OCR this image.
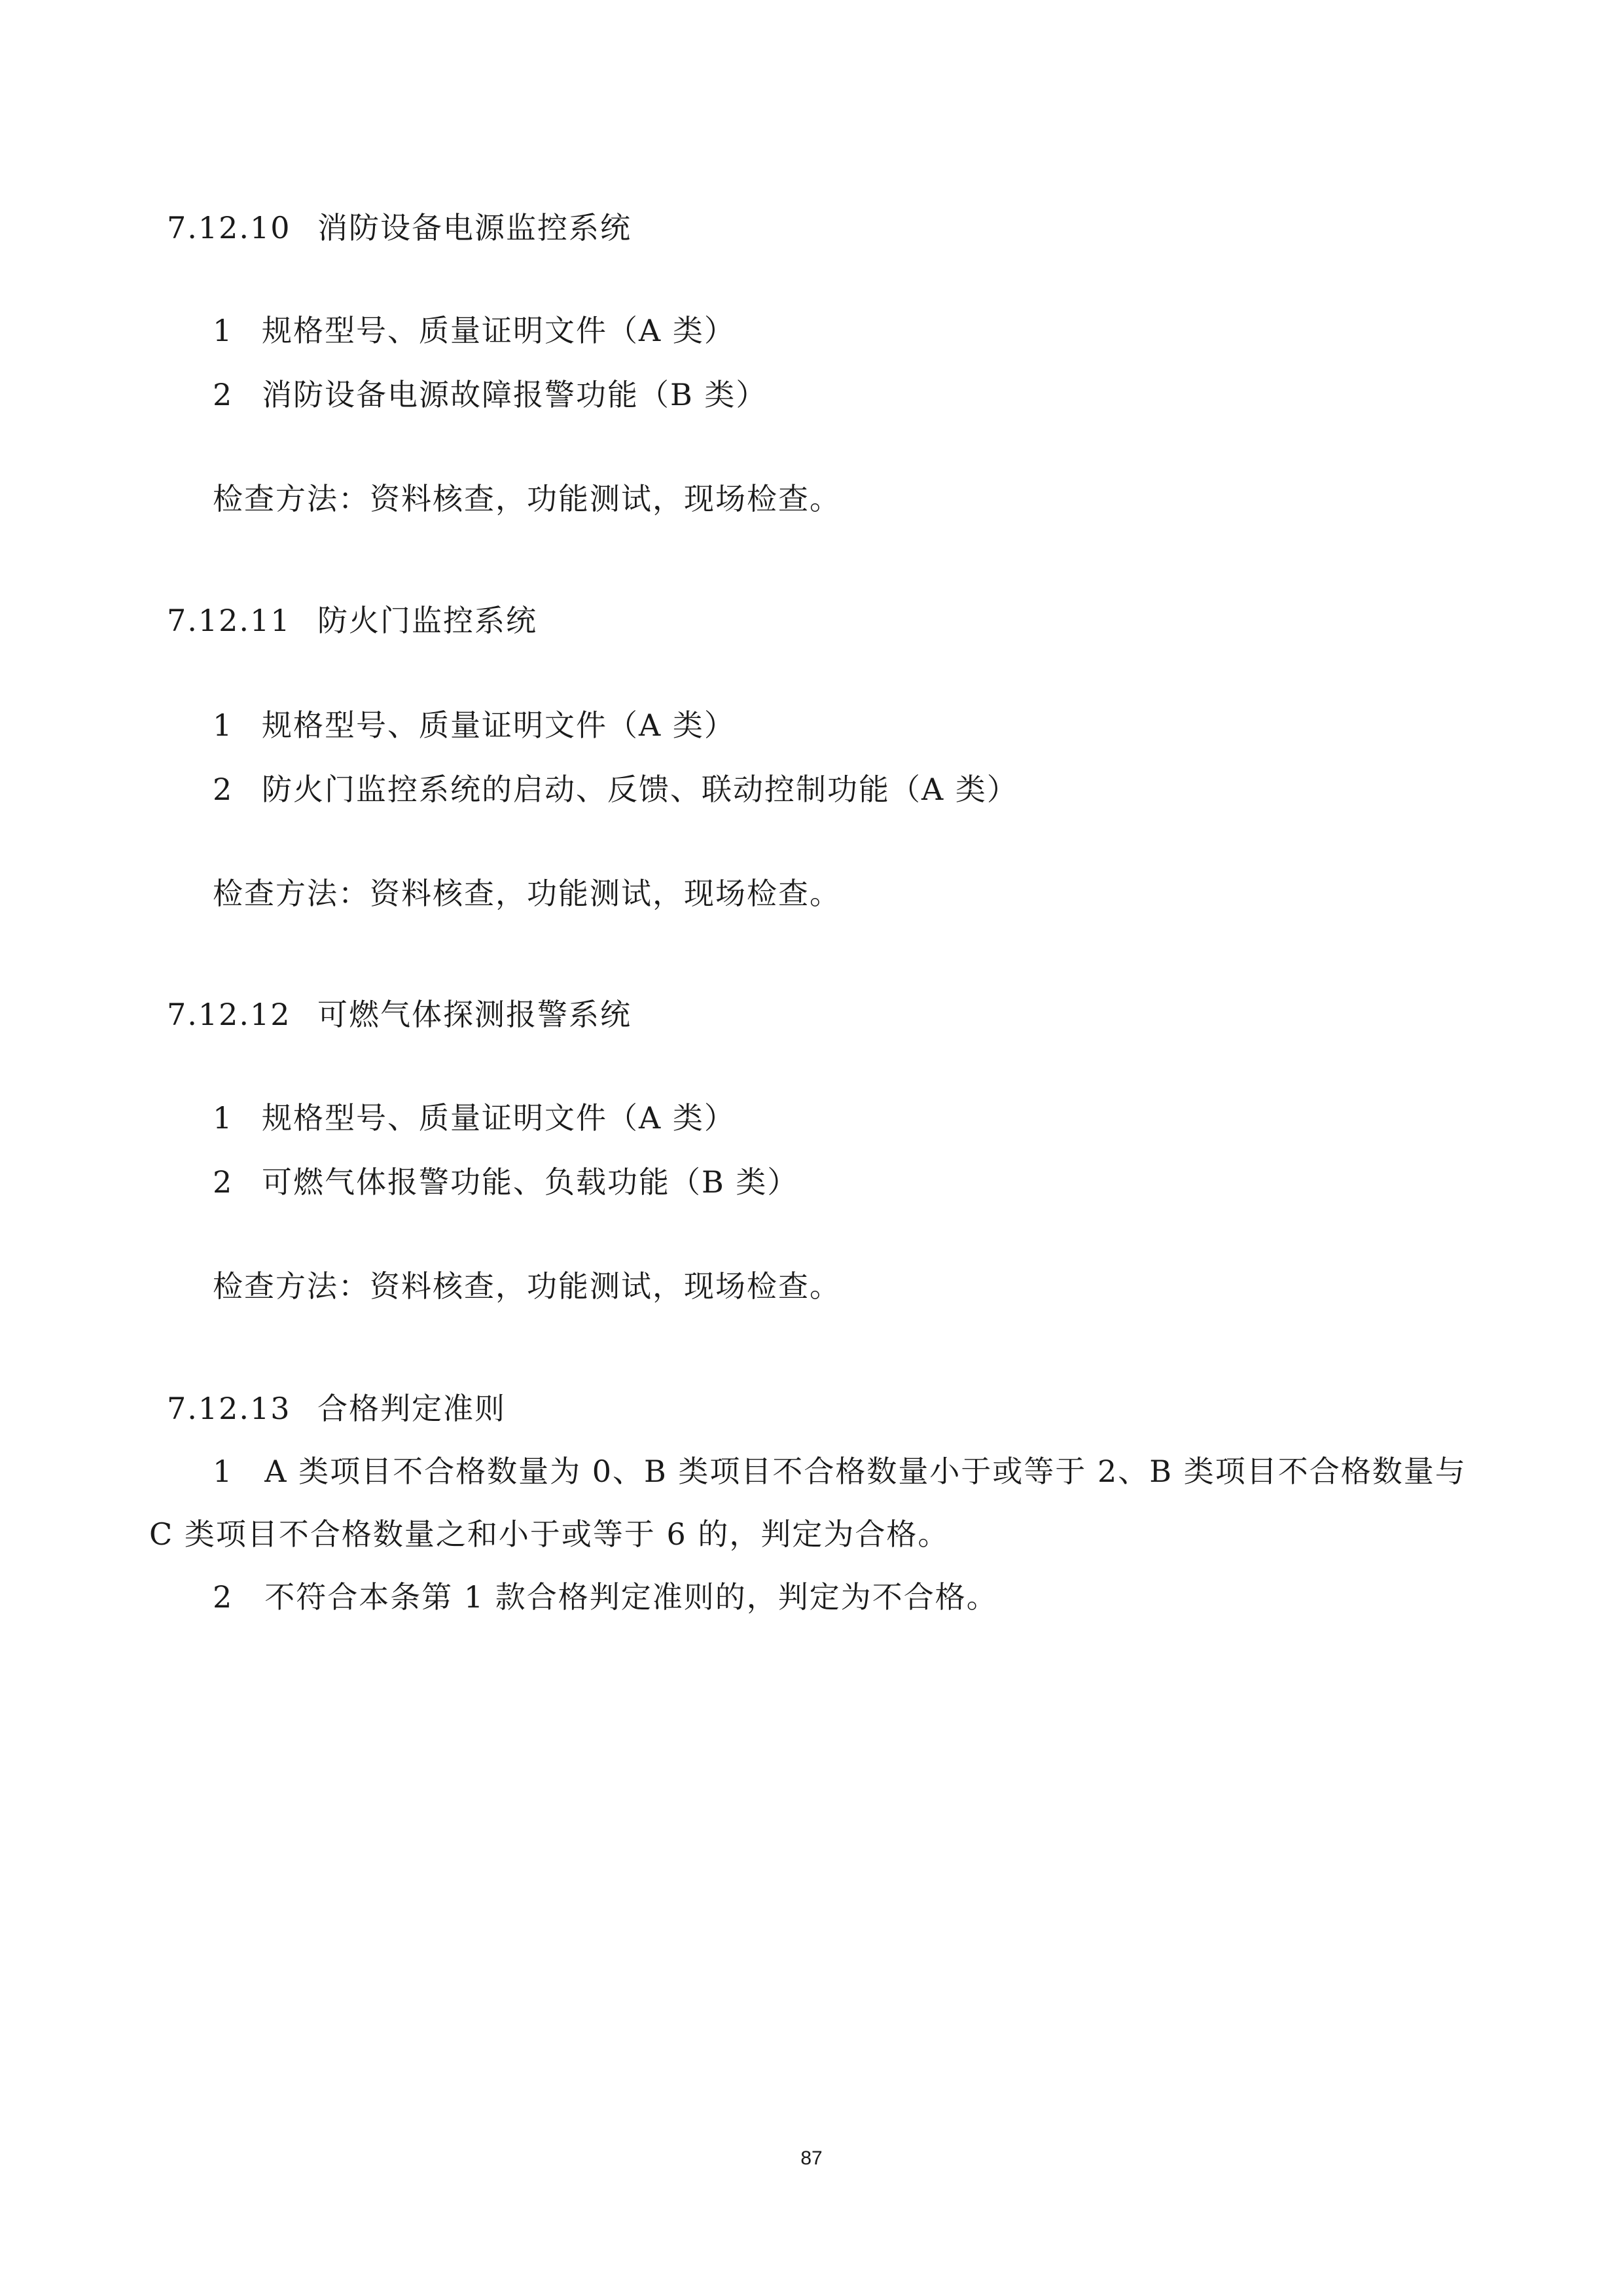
7.12.10 消防设备电源监控系统
1 规格型号、质量证明文件（A 类）
2 消防设备电源故障报警功能（B 类）
检查方法：资料核查，功能测试，现场检查。
7.12.11 防火门监控系统
1 规格型号、质量证明文件（A 类）
2 防火门监控系统的启动、反馈、联动控制功能（A 类）
检查方法：资料核查，功能测试，现场检查。
7.12.12 可燃气体探测报警系统
1 规格型号、质量证明文件（A 类）
2 可燃气体报警功能、负载功能（B 类）
检查方法：资料核查，功能测试，现场检查。
7.12.13 合格判定准则
1　A 类项目不合格数量为 0、B 类项目不合格数量小于或等于 2、B 类项目不合格数量与 C 类项目不合格数量之和小于或等于 6 的，判定为合格。
2　不符合本条第 1 款合格判定准则的，判定为不合格。
87
